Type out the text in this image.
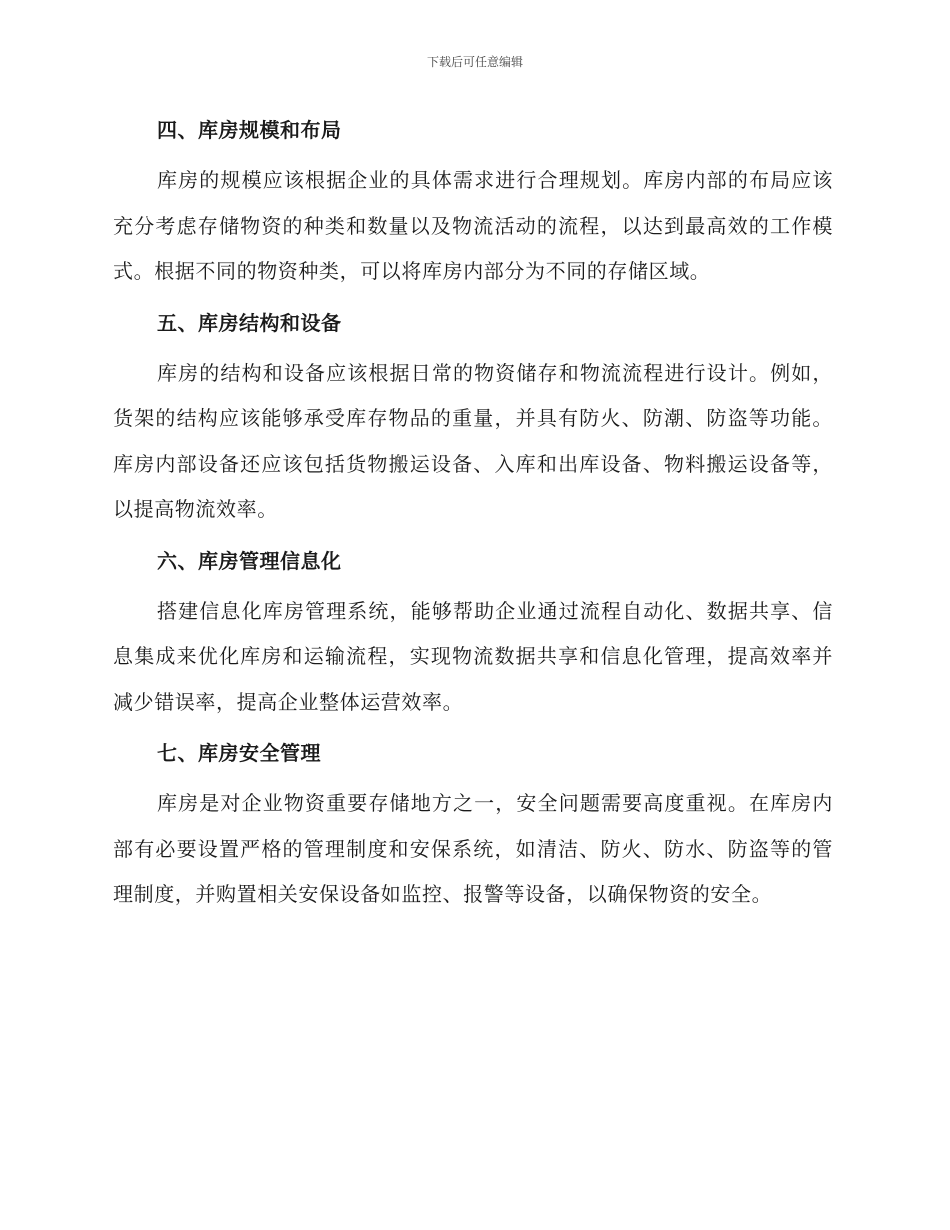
下载后可任意编辑
四、库房规模和布局

库房的规模应该根据企业的具体需求进行合理规划。库房内部的布局应该充分考虑存储物资的种类和数量以及物流活动的流程，以达到最高效的工作模式。根据不同的物资种类，可以将库房内部分为不同的存储区域。

五、库房结构和设备

库房的结构和设备应该根据日常的物资储存和物流流程进行设计。例如，货架的结构应该能够承受库存物品的重量，并具有防火、防潮、防盗等功能。库房内部设备还应该包括货物搬运设备、入库和出库设备、物料搬运设备等，以提高物流效率。

六、库房管理信息化

搭建信息化库房管理系统，能够帮助企业通过流程自动化、数据共享、信息集成来优化库房和运输流程，实现物流数据共享和信息化管理，提高效率并减少错误率，提高企业整体运营效率。

七、库房安全管理

库房是对企业物资重要存储地方之一，安全问题需要高度重视。在库房内部有必要设置严格的管理制度和安保系统，如清洁、防火、防水、防盗等的管理制度，并购置相关安保设备如监控、报警等设备，以确保物资的安全。
